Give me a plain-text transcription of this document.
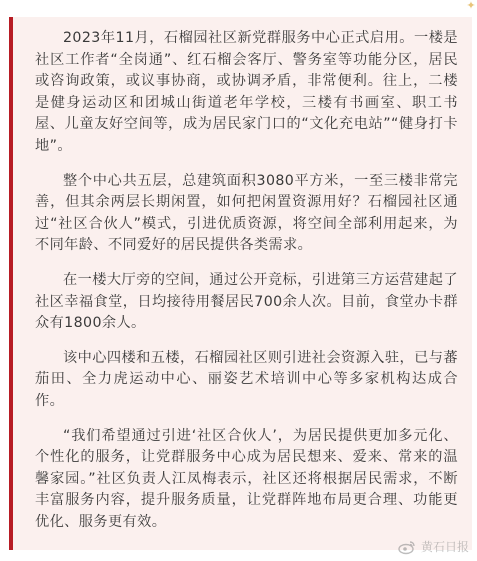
✦

2023年11月，石榴园社区新党群服务中心正式启用。一楼是社区工作者“全岗通”、红石榴会客厅、警务室等功能分区，居民或咨询政策，或议事协商，或协调矛盾，非常便利。往上，二楼是健身运动区和团城山街道老年学校，三楼有书画室、职工书屋、儿童友好空间等，成为居民家门口的“文化充电站”“健身打卡地”。

整个中心共五层，总建筑面积3080平方米，一至三楼非常完善，但其余两层长期闲置，如何把闲置资源用好？石榴园社区通过“社区合伙人”模式，引进优质资源，将空间全部利用起来，为不同年龄、不同爱好的居民提供各类需求。

在一楼大厅旁的空间，通过公开竞标，引进第三方运营建起了社区幸福食堂，日均接待用餐居民700余人次。目前，食堂办卡群众有1800余人。

该中心四楼和五楼，石榴园社区则引进社会资源入驻，已与蕃茄田、全力虎运动中心、丽姿艺术培训中心等多家机构达成合作。

“我们希望通过引进‘社区合伙人’，为居民提供更加多元化、个性化的服务，让党群服务中心成为居民想来、爱来、常来的温馨家园。”社区负责人江凤梅表示，社区还将根据居民需求，不断丰富服务内容，提升服务质量，让党群阵地布局更合理、功能更优化、服务更有效。

黄石日报
